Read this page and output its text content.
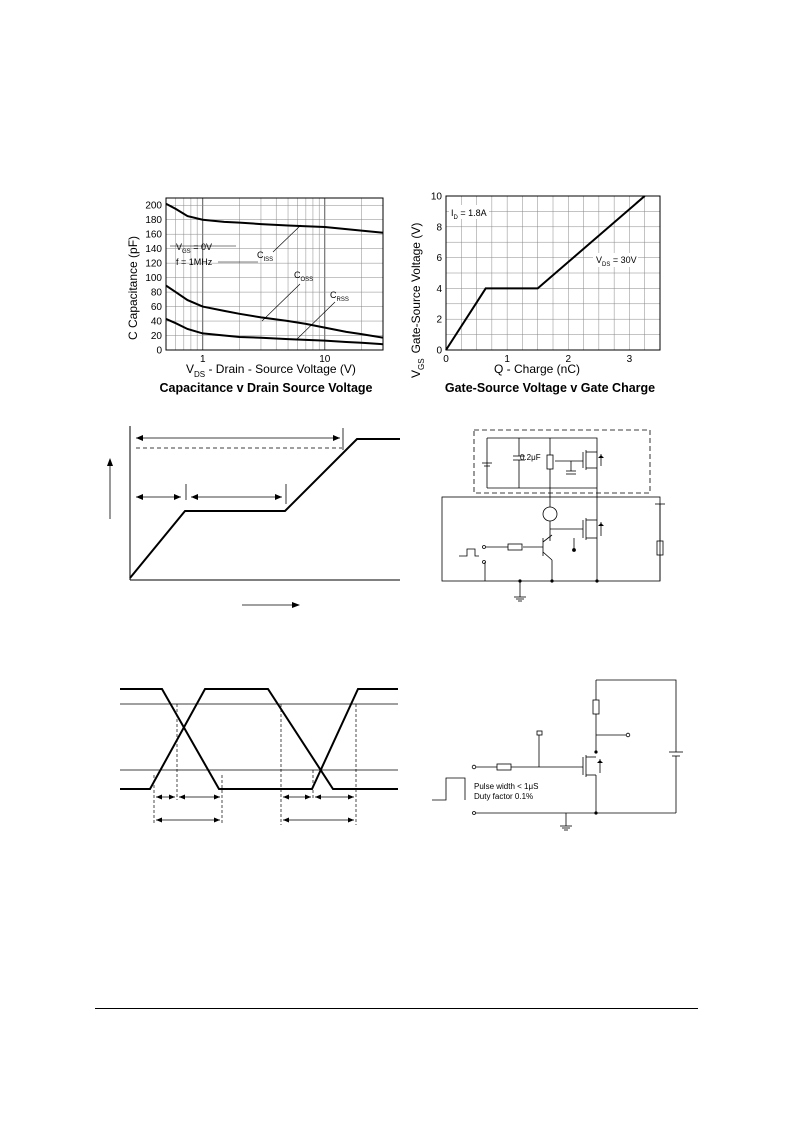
0
20
40
60
80
100
120
140
160
180
200
1	10
$V_{GS} = 0V$
f = 1MHz
$C_{ISS}$
$C_{OSS}$
$C_{RSS}$
C Capacitance (pF)
$V_{DS}$ - Drain - Source Voltage (V)
Capacitance v Drain Source Voltage
0
2
4
6
8
10
0	1	2	3
$I_D = 1.8A$
$V_{DS} = 30V$
$V_{GS}Gate$-Source Voltage (V)
Q - Charge (nC)
Gate-Source Voltage v Gate Charge
0.2μF
Pulse width < 1μS
Duty factor 0.1%
